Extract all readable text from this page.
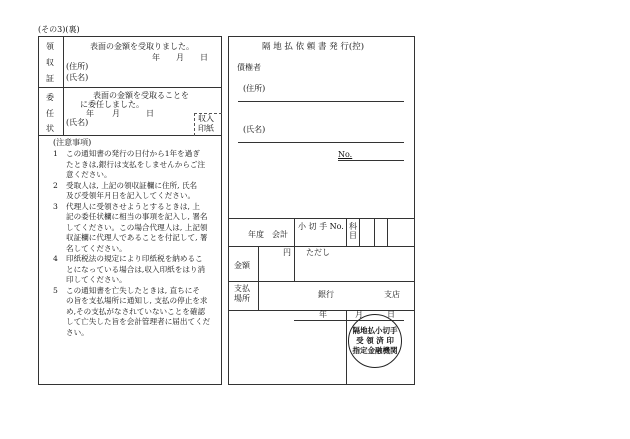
(その3)(裏)
領
収
証
表面の金額を受取りました。
年 月 日
(住所)
(氏名)
委
任
状
表面の金額を受取ることを
に委任しました。
年 月	日
(氏名)	収入
印紙
(注意事項)
1	この通知書の発行の日付から1年を過ぎ
たときは,銀行は支払をしませんからご注
意ください。
2	受取人は, 上記の領収証欄に住所, 氏名
及び受領年月日を記入してください。
3	代理人に受領させようとするときは, 上
記の委任状欄に相当の事項を記入し, 署名
してください。この場合代理人は, 上記領
収証欄に代理人であることを付記して, 署
名してください。
4	印紙税法の規定により印紙税を納めるこ
とになっている場合は,収入印紙をはり消
印してください。
5	この通知書を亡失したときは, 直ちにそ
の旨を支払場所に通知し, 支払の停止を求
め,その支払がなされていないことを確認
して亡失した旨を会計管理者に届出てくだ
さい。
隔 地 払 依 頼 書 発 行(控)
債権者
(住所)
(氏名)
No.
年度 会計
小 切 手 No. 科
目
金額
円 ただし
支払
場所	銀行	支店
年	月	日
隔地払小切手
受 領 済 印
指定金融機関
